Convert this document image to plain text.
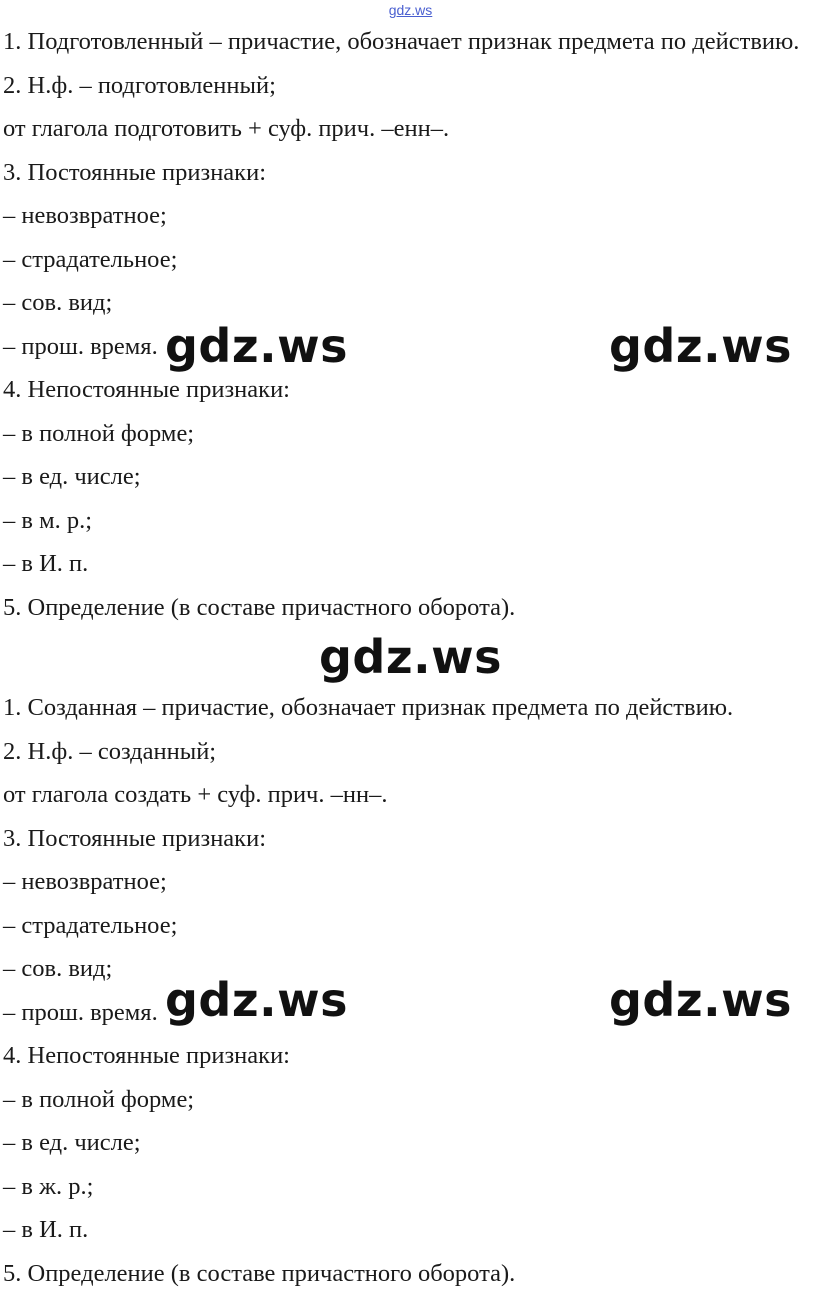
gdz.ws
1. Подготовленный – причастие, обозначает признак предмета по действию.
2. Н.ф. – подготовленный;
от глагола подготовить + суф. прич. –енн–.
3. Постоянные признаки:
– невозвратное;
– страдательное;
– сов. вид;
– прош. время.
4. Непостоянные признаки:
– в полной форме;
– в ед. числе;
– в м. р.;
– в И. п.
5. Определение (в составе причастного оборота).
gdz.ws
1. Созданная – причастие, обозначает признак предмета по действию.
2. Н.ф. – созданный;
от глагола создать + суф. прич. –нн–.
3. Постоянные признаки:
– невозвратное;
– страдательное;
– сов. вид;
– прош. время.
4. Непостоянные признаки:
– в полной форме;
– в ед. числе;
– в ж. р.;
– в И. п.
5. Определение (в составе причастного оборота).
gdz.ws	gdz.ws
gdz.ws	gdz.ws
